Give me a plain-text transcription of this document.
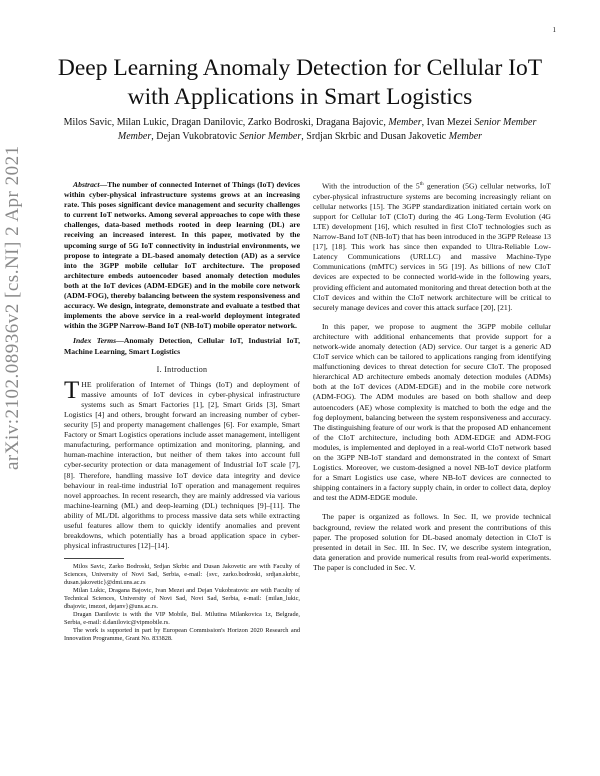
1
arXiv:2102.08936v2 [cs.NI] 2 Apr 2021
Deep Learning Anomaly Detection for Cellular IoT with Applications in Smart Logistics
Milos Savic, Milan Lukic, Dragan Danilovic, Zarko Bodroski, Dragana Bajovic, Member, Ivan Mezei Senior Member
Member, Dejan Vukobratovic Senior Member, Srdjan Skrbic and Dusan Jakovetic Member

Abstract—The number of connected Internet of Things (IoT) devices within cyber-physical infrastructure systems grows at an increasing rate. This poses significant device management and security challenges to current IoT networks. Among several approaches to cope with these challenges, data-based methods rooted in deep learning (DL) are receiving an increased interest. In this paper, motivated by the upcoming surge of 5G IoT connectivity in industrial environments, we propose to integrate a DL-based anomaly detection (AD) as a service into the 3GPP mobile cellular IoT architecture. The proposed architecture embeds autoencoder based anomaly detection modules both at the IoT devices (ADM-EDGE) and in the mobile core network (ADM-FOG), thereby balancing between the system responsiveness and accuracy. We design, integrate, demonstrate and evaluate a testbed that implements the above service in a real-world deployment integrated within the 3GPP Narrow-Band IoT (NB-IoT) mobile operator network.

Index Terms—Anomaly Detection, Cellular IoT, Industrial IoT, Machine Learning, Smart Logistics

I. Introduction

THE proliferation of Internet of Things (IoT) and deployment of massive amounts of IoT devices in cyber-physical infrastructure systems such as Smart Factories [1], [2], Smart Grids [3], Smart Logistics [4] and others, brought forward an increasing number of cyber-security [5] and property management challenges [6]. For example, Smart Factory or Smart Logistics operations include asset management, intelligent manufacturing, performance optimization and monitoring, planning, and human-machine interaction, but neither of them takes into account full cyber-security protection or data management of Industrial IoT scale [7], [8]. Therefore, handling massive IoT device data integrity and device behaviour in real-time industrial IoT operation and management requires novel approaches. In recent research, they are mainly addressed via various machine-learning (ML) and deep-learning (DL) techniques [9]–[11]. The ability of ML/DL algorithms to process massive data sets while extracting useful features allow them to quickly identify anomalies and prevent breakdowns, which potentially has a broad application space in cyber-physical infrastructures [12]–[14].

Milos Savic, Zarko Bodroski, Srdjan Skrbic and Dusan Jakovetic are with Faculty of Sciences, University of Novi Sad, Serbia, e-mail: {svc, zarko.bodroski, srdjan.skrbic, dusan.jakovetic}@dmi.uns.ac.rs

Milan Lukic, Dragana Bajovic, Ivan Mezei and Dejan Vukobratovic are with Faculty of Technical Sciences, University of Novi Sad, Novi Sad, Serbia, e-mail: {milan_lukic, dbajovic, imezei, dejanv}@uns.ac.rs.

Dragan Danilovic is with the VIP Mobile, Bul. Milutina Milankovica 1z, Belgrade, Serbia, e-mail: d.danilovic@vipmobile.rs.

The work is supported in part by European Commission's Horizon 2020 Research and Innovation Programme, Grant No. 833828.

With the introduction of the 5th generation (5G) cellular networks, IoT cyber-physical infrastructure systems are becoming increasingly reliant on cellular networks [15]. The 3GPP standardization initiated certain work on support for Cellular IoT (CIoT) during the 4G Long-Term Evolution (4G LTE) development [16], which resulted in first CIoT technologies such as Narrow-Band IoT (NB-IoT) that has been introduced in the 3GPP Release 13 [17], [18]. This work has since then expanded to Ultra-Reliable Low-Latency Communications (URLLC) and massive Machine-Type Communications (mMTC) services in 5G [19]. As billions of new CIoT devices are expected to be connected world-wide in the following years, providing efficient and automated monitoring and threat detection both at the CIoT devices and within the CIoT network architecture will be critical to securely manage devices and cover this attack surface [20], [21].

In this paper, we propose to augment the 3GPP mobile cellular architecture with additional enhancements that provide support for a network-wide anomaly detection (AD) service. Our target is a generic AD CIoT service which can be tailored to applications ranging from identifying malfunctioning devices to threat detection for secure CIoT. The proposed hierarchical AD architecture embeds anomaly detection modules (ADMs) both at the IoT devices (ADM-EDGE) and in the mobile core network (ADM-FOG). The ADM modules are based on both shallow and deep autoencoders (AE) whose complexity is matched to both the edge and the fog deployment, balancing between the system responsiveness and accuracy. The distinguishing feature of our work is that the proposed AD enhancement of the CIoT architecture, including both ADM-EDGE and ADM-FOG modules, is implemented and deployed in a real-world CIoT network based on the 3GPP NB-IoT standard and demonstrated in the context of Smart Logistics. Moreover, we custom-designed a novel NB-IoT device platform for a Smart Logistics use case, where NB-IoT devices are connected to shipping containers in a factory supply chain, in order to collect data, deploy and test the ADM-EDGE module.

The paper is organized as follows. In Sec. II, we provide technical background, review the related work and present the contributions of this paper. The proposed solution for DL-based anomaly detection in CIoT is presented in detail in Sec. III. In Sec. IV, we describe system integration, data generation and provide numerical results from real-world experiments. The paper is concluded in Sec. V.
